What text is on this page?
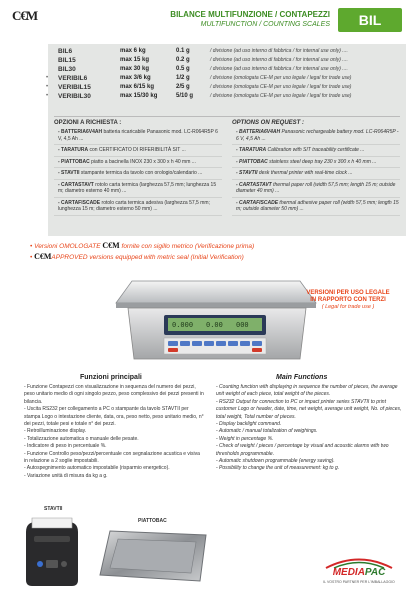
C€M	BILANCE MULTIFUNZIONE / CONTAPEZZI
MULTIFUNCTION / COUNTING SCALES	BIL
BIL6	max 6 kg	0.1 g	/ divisione (ad uso interno di fabbrica / for internal use only) ....
BIL15	max 15 kg	0.2 g	/ divisione (ad uso interno di fabbrica / for internal use only) ....
BIL30	max 30 kg	0.5 g	/ divisione (ad uso interno di fabbrica / for internal use only) ....
• VERIBIL6	max 3/6 kg	1/2 g	/ divisione (omologata CE-M per uso legale / legal for trade use)
• VERIBIL15	max 6/15 kg	2/5 g	/ divisione (omologata CE-M per uso legale / legal for trade use)
• VERIBIL30	max 15/30 kg	5/10 g	/ divisione (omologata CE-M per uso legale / legal for trade use)
OPZIONI A RICHIESTA :
- BATTERIA6V4AH batteria ricaricabile Panasonic mod. LC-R064R5P 6 V, 4,5 Ah ...
- TARATURA con CERTIFICATO DI RIFERIBILITÀ SIT ...
- PIATTOBAC piatto a bacinella INOX 230 x 300 x h 40 mm ...
- STAVTII stampante termica da tavolo con orologio/calendario ...
- CARTASTAVT rotolo carta termica (larghezza 57,5 mm; lunghezza 15 m; diametro esterno 40 mm) ...
- CARTAFISCADE rotolo carta termica adesiva (larghezza 57,5 mm; lunghezza 15 m; diametro esterno 50 mm) ...
OPTIONS ON REQUEST :
- BATTERIA6V4AH Panasonic rechargeable battery mod. LC-R064R5P - 6 V, 4,5 Ah ...
- TARATURA Calibration with SIT traceability certificate ...
- PIATTOBAC stainless steel deep tray 230 x 300 x h 40 mm ...
- STAVTII desk thermal printer with real-time clock ...
- CARTASTAVT thermal paper roll (width 57,5 mm; length 15 m; outside diameter 40 mm) ...
- CARTAFISCADE thermal adhesive paper roll (width 57,5 mm; length 15 m; outside diameter 50 mm) ...
• Versioni OMOLOGATE C€M fornite con sigillo metrico (Verificazione prima)
• C€MAPPROVED versions equipped with metric seal (Initial Verification)
0.000 0.00 000
VERSIONI PER USO LEGALE
IN RAPPORTO CON TERZI
( Legal for trade use )
Funzioni principali	Main Functions
- Funzione Contapezzi con visualizzazione in sequenza del numero dei pezzi, peso unitario medio di ogni singolo pezzo, peso complessivo dei pezzi presenti in bilancia.
- Uscita RS232 per collegamento a PC o stampante da tavolo STAVTII per stampa Logo o intestazione cliente, data, ora, peso netto, peso unitario medio, n° dei pezzi, totale pesi e totale n° dei pezzi.
- Retroilluminazione display.
- Totalizzazione automatica o manuale delle pesate.
- Indicatore di peso in percentuale %.
- Funzione Controllo peso/pezzi/percentuale con segnalazione acustica e visiva in relazione a 2 soglie impostabili.
- Autospegnimento automatico impostabile (risparmio energetico).
- Variazione unità di misura da kg a g.
- Counting function with displaying in sequence the number of pieces, the average unit weight of each piece, total weight of the pieces.
- RS232 Output for connection to PC or impact printer series STAVTII to print customer Logo or header, date, time, net weight, average unit weight, No. of pieces, total weight, Total number of pieces.
- Display backlight command.
- Automatic / manual totalization of weighings.
- Weight in percentage %.
- Check of weight / pieces / percentage by visual and acoustic alarms with two thresholds programmable.
- Automatic shutdown programmable (energy saving).
- Possibility to change the unit of measurement: kg to g.
STAVTII
PIATTOBAC
MEDIAPAC
IL VOSTRO PARTNER PER L'IMBALLAGGIO
